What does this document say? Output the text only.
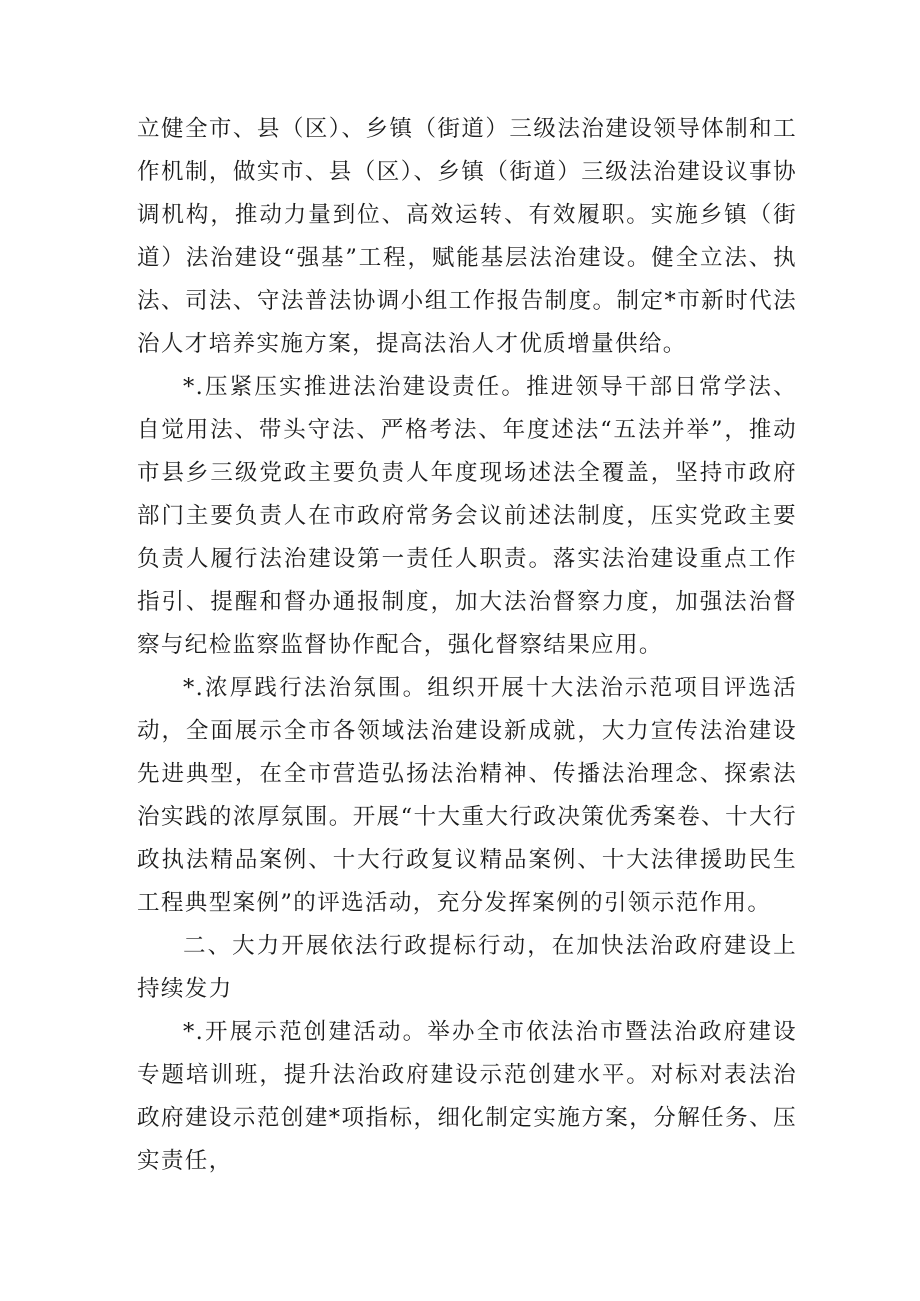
立健全市、县（区）、乡镇（街道）三级法治建设领导体制和工作机制，做实市、县（区）、乡镇（街道）三级法治建设议事协调机构，推动力量到位、高效运转、有效履职。实施乡镇（街道）法治建设“强基”工程，赋能基层法治建设。健全立法、执法、司法、守法普法协调小组工作报告制度。制定*市新时代法治人才培养实施方案，提高法治人才优质增量供给。

*.压紧压实推进法治建设责任。推进领导干部日常学法、自觉用法、带头守法、严格考法、年度述法“五法并举”，推动市县乡三级党政主要负责人年度现场述法全覆盖，坚持市政府部门主要负责人在市政府常务会议前述法制度，压实党政主要负责人履行法治建设第一责任人职责。落实法治建设重点工作指引、提醒和督办通报制度，加大法治督察力度，加强法治督察与纪检监察监督协作配合，强化督察结果应用。

*.浓厚践行法治氛围。组织开展十大法治示范项目评选活动，全面展示全市各领域法治建设新成就，大力宣传法治建设先进典型，在全市营造弘扬法治精神、传播法治理念、探索法治实践的浓厚氛围。开展“十大重大行政决策优秀案卷、十大行政执法精品案例、十大行政复议精品案例、十大法律援助民生工程典型案例”的评选活动，充分发挥案例的引领示范作用。

二、大力开展依法行政提标行动，在加快法治政府建设上持续发力

*.开展示范创建活动。举办全市依法治市暨法治政府建设专题培训班，提升法治政府建设示范创建水平。对标对表法治政府建设示范创建*项指标，细化制定实施方案，分解任务、压实责任，
